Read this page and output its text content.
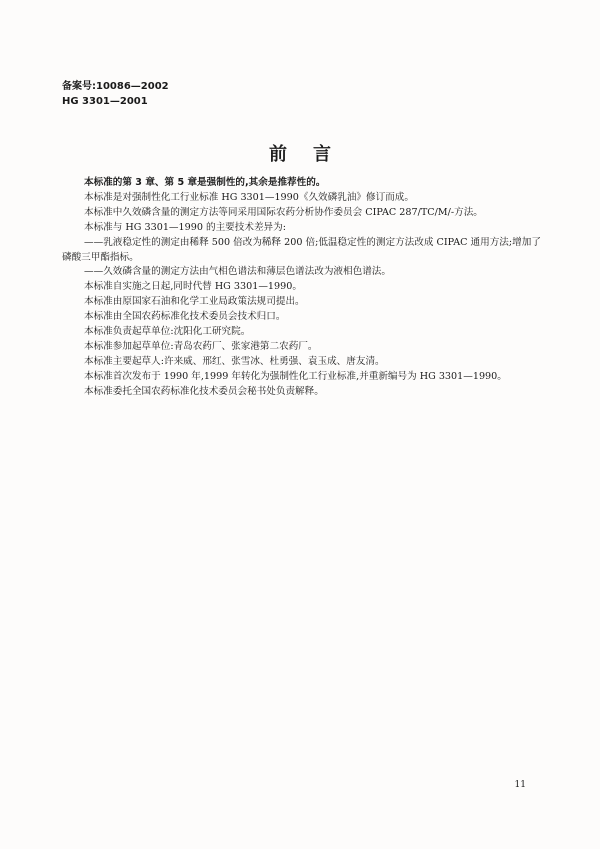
备案号:10086—2002
HG 3301—2001
前言

本标准的第 3 章、第 5 章是强制性的,其余是推荐性的。

本标准是对强制性化工行业标准 HG 3301—1990《久效磷乳油》修订而成。

本标准中久效磷含量的测定方法等同采用国际农药分析协作委员会 CIPAC 287/TC/M/-方法。

本标准与 HG 3301—1990 的主要技术差异为:

——乳液稳定性的测定由稀释 500 倍改为稀释 200 倍;低温稳定性的测定方法改成 CIPAC 通用方法;增加了磷酸三甲酯指标。

——久效磷含量的测定方法由气相色谱法和薄层色谱法改为液相色谱法。

本标准自实施之日起,同时代替 HG 3301—1990。

本标准由原国家石油和化学工业局政策法规司提出。

本标准由全国农药标准化技术委员会技术归口。

本标准负责起草单位:沈阳化工研究院。

本标准参加起草单位:青岛农药厂、张家港第二农药厂。

本标准主要起草人:许来威、邢红、张雪冰、杜勇强、袁玉成、唐友清。

本标准首次发布于 1990 年,1999 年转化为强制性化工行业标准,并重新编号为 HG 3301—1990。

本标准委托全国农药标准化技术委员会秘书处负责解释。

11
